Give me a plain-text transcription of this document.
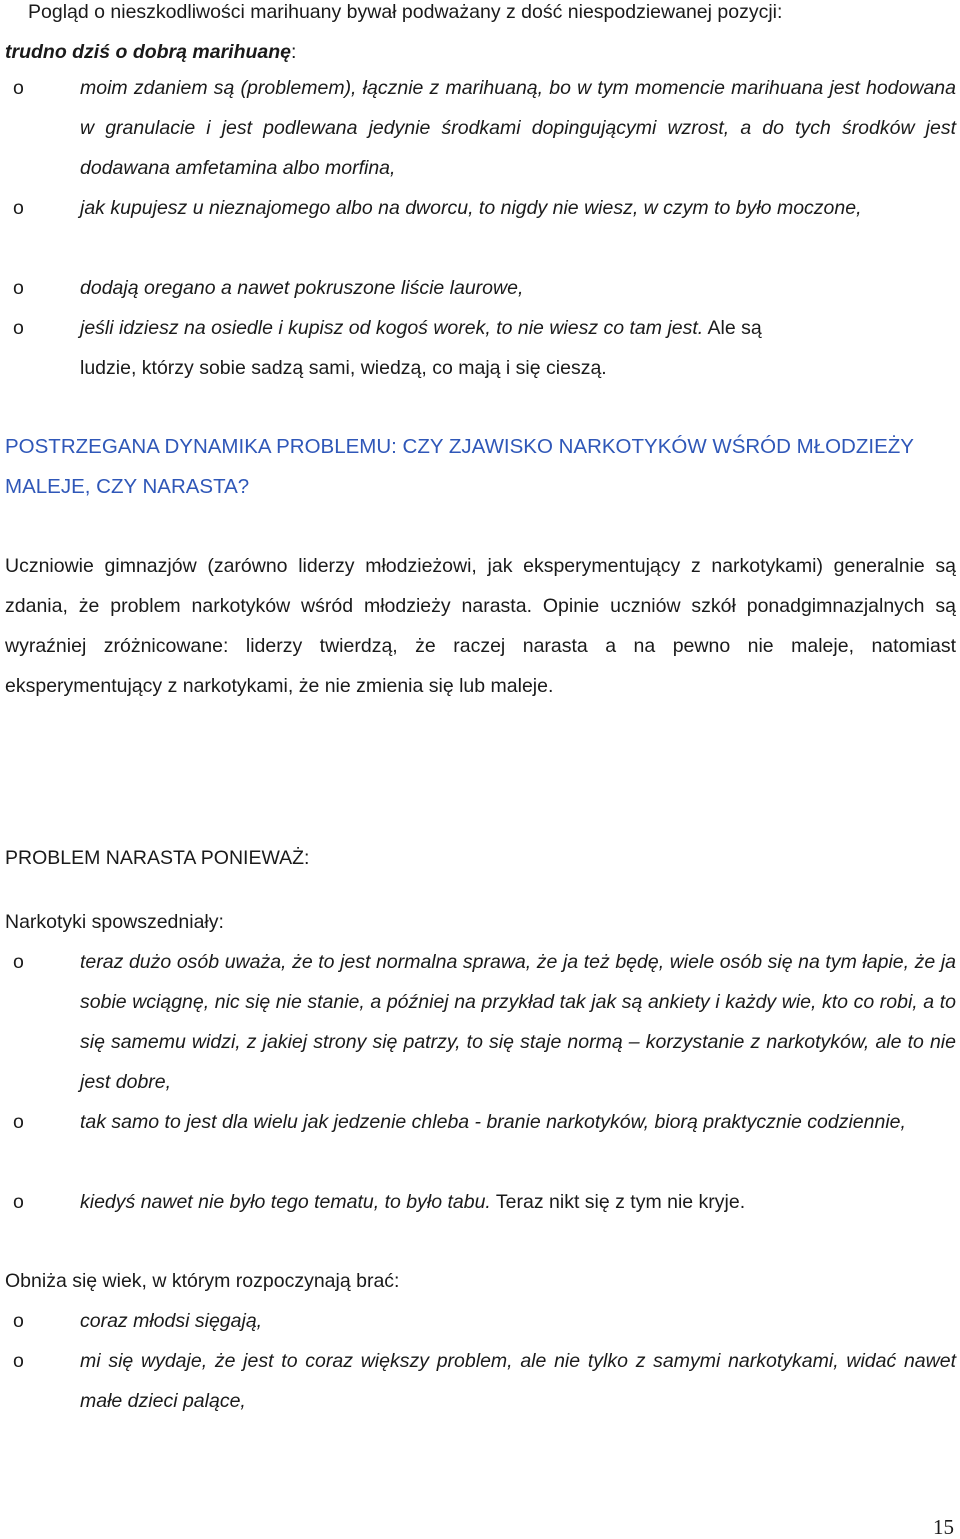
Pogląd o nieszkodliwości marihuany bywał podważany z dość niespodziewanej pozycji:
trudno dziś o dobrą marihuanę:
o	moim zdaniem są (problemem), łącznie z marihuaną, bo w tym momencie marihuana jest hodowana w granulacie i jest podlewana jedynie środkami dopingującymi wzrost, a do tych środków jest dodawana amfetamina albo morfina,
o	jak kupujesz u nieznajomego albo na dworcu, to nigdy nie wiesz, w czym to było moczone,
o	dodają oregano a nawet pokruszone liście laurowe,
o	jeśli idziesz na osiedle i kupisz od kogoś worek, to nie wiesz co tam jest. Ale są
ludzie, którzy sobie sadzą sami, wiedzą, co mają i się cieszą.
POSTRZEGANA DYNAMIKA PROBLEMU: CZY ZJAWISKO NARKOTYKÓW WŚRÓD MŁODZIEŻY MALEJE, CZY NARASTA?
Uczniowie gimnazjów (zarówno liderzy młodzieżowi, jak eksperymentujący z narkotykami) generalnie są zdania, że problem narkotyków wśród młodzieży narasta. Opinie uczniów szkół ponadgimnazjalnych są wyraźniej zróżnicowane: liderzy twierdzą, że raczej narasta a na pewno nie maleje, natomiast eksperymentujący z narkotykami, że nie zmienia się lub maleje.
PROBLEM NARASTA PONIEWAŻ:
Narkotyki spowszedniały:
o	teraz dużo osób uważa, że to jest normalna sprawa, że ja też będę, wiele osób się na tym łapie, że ja sobie wciągnę, nic się nie stanie, a później na przykład tak jak są ankiety i każdy wie, kto co robi, a to się samemu widzi, z jakiej strony się patrzy, to się staje normą – korzystanie z narkotyków, ale to nie jest dobre,
o	tak samo to jest dla wielu jak jedzenie chleba - branie narkotyków, biorą praktycznie codziennie,
o	kiedyś nawet nie było tego tematu, to było tabu. Teraz nikt się z tym nie kryje.
Obniża się wiek, w którym rozpoczynają brać:
o	coraz młodsi sięgają,
o	mi się wydaje, że jest to coraz większy problem, ale nie tylko z samymi narkotykami, widać nawet małe dzieci palące,
15
